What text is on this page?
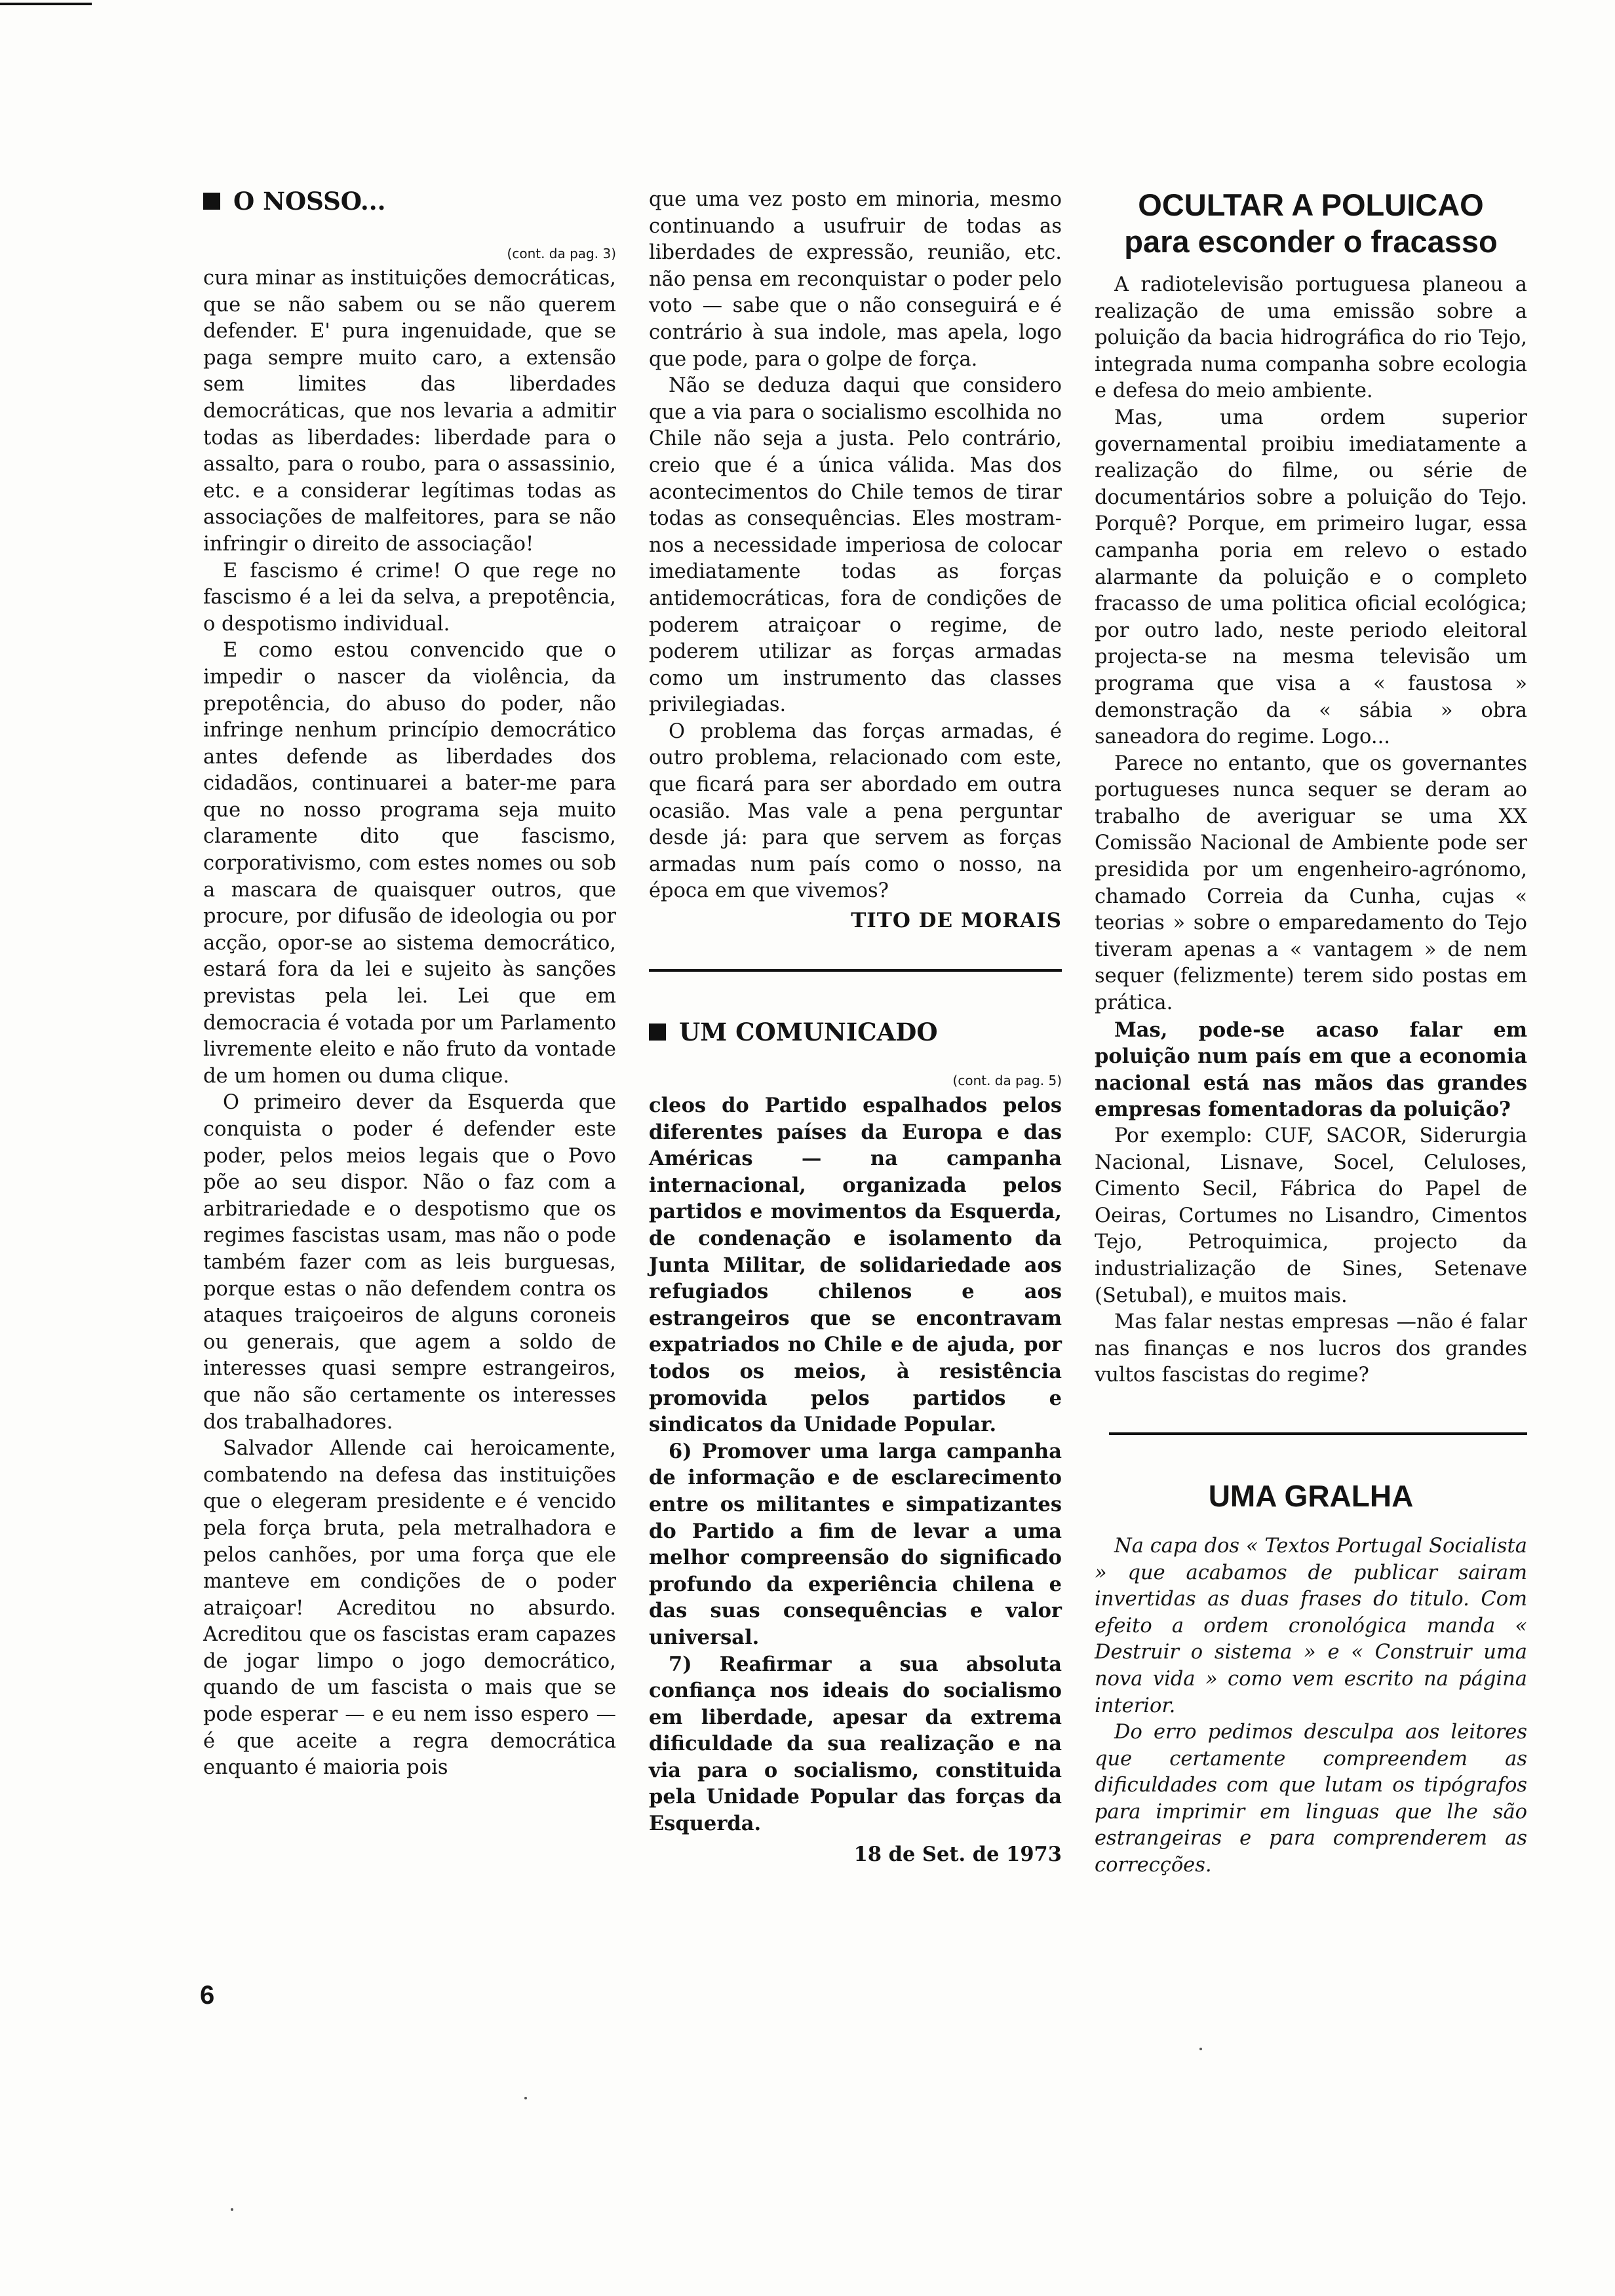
O NOSSO...
(cont. da pag. 3)

cura minar as instituições democráticas, que se não sabem ou se não querem defender. E' pura ingenuidade, que se paga sempre muito caro, a extensão sem limites das liberdades democráticas, que nos levaria a admitir todas as liberdades: liberdade para o assalto, para o roubo, para o assassinio, etc. e a considerar legítimas todas as associações de malfeitores, para se não infringir o direito de associação!

E fascismo é crime! O que rege no fascismo é a lei da selva, a prepotência, o despotismo individual.

E como estou convencido que o impedir o nascer da violência, da prepotência, do abuso do poder, não infringe nenhum princípio democrático antes defende as liberdades dos cidadãos, continuarei a bater-me para que no nosso programa seja muito claramente dito que fascismo, corporativismo, com estes nomes ou sob a mascara de quaisquer outros, que procure, por difusão de ideologia ou por acção, opor-se ao sistema democrático, estará fora da lei e sujeito às sanções previstas pela lei. Lei que em democracia é votada por um Parlamento livremente eleito e não fruto da vontade de um homen ou duma clique.

O primeiro dever da Esquerda que conquista o poder é defender este poder, pelos meios legais que o Povo põe ao seu dispor. Não o faz com a arbitrariedade e o despotismo que os regimes fascistas usam, mas não o pode também fazer com as leis burguesas, porque estas o não defendem contra os ataques traiçoeiros de alguns coroneis ou generais, que agem a soldo de interesses quasi sempre estrangeiros, que não são certamente os interesses dos trabalhadores.

Salvador Allende cai heroicamente, combatendo na defesa das instituições que o elegeram presidente e é vencido pela força bruta, pela metralhadora e pelos canhões, por uma força que ele manteve em condições de o poder atraiçoar! Acreditou no absurdo. Acreditou que os fascistas eram capazes de jogar limpo o jogo democrático, quando de um fascista o mais que se pode esperar — e eu nem isso espero — é que aceite a regra democrática enquanto é maioria pois

que uma vez posto em minoria, mesmo continuando a usufruir de todas as liberdades de expressão, reunião, etc. não pensa em reconquistar o poder pelo voto — sabe que o não conseguirá e é contrário à sua indole, mas apela, logo que pode, para o golpe de força.

Não se deduza daqui que considero que a via para o socialismo escolhida no Chile não seja a justa. Pelo contrário, creio que é a única válida. Mas dos acontecimentos do Chile temos de tirar todas as consequências. Eles mostram-nos a necessidade imperiosa de colocar imediatamente todas as forças antidemocráticas, fora de condições de poderem atraiçoar o regime, de poderem utilizar as forças armadas como um instrumento das classes privilegiadas.

O problema das forças armadas, é outro problema, relacionado com este, que ficará para ser abordado em outra ocasião. Mas vale a pena perguntar desde já: para que servem as forças armadas num país como o nosso, na época em que vivemos?

TITO DE MORAIS

UM COMUNICADO
(cont. da pag. 5)

cleos do Partido espalhados pelos diferentes países da Europa e das Américas — na campanha internacional, organizada pelos partidos e movimentos da Esquerda, de condenação e isolamento da Junta Militar, de solidariedade aos refugiados chilenos e aos estrangeiros que se encontravam expatriados no Chile e de ajuda, por todos os meios, à resistência promovida pelos partidos e sindicatos da Unidade Popular.

6) Promover uma larga campanha de informação e de esclarecimento entre os militantes e simpatizantes do Partido a fim de levar a uma melhor compreensão do significado profundo da experiência chilena e das suas consequências e valor universal.

7) Reafirmar a sua absoluta confiança nos ideais do socialismo em liberdade, apesar da extrema dificuldade da sua realização e na via para o socialismo, constituida pela Unidade Popular das forças da Esquerda.

18 de Set. de 1973

OCULTAR A POLUICAO
para esconder o fracasso

A radiotelevisão portuguesa planeou a realização de uma emissão sobre a poluição da bacia hidrográfica do rio Tejo, integrada numa companha sobre ecologia e defesa do meio ambiente.

Mas, uma ordem superior governamental proibiu imediatamente a realização do filme, ou série de documentários sobre a poluição do Tejo. Porquê? Porque, em primeiro lugar, essa campanha poria em relevo o estado alarmante da poluição e o completo fracasso de uma politica oficial ecológica; por outro lado, neste periodo eleitoral projecta-se na mesma televisão um programa que visa a « faustosa » demonstração da « sábia » obra saneadora do regime. Logo...

Parece no entanto, que os governantes portugueses nunca sequer se deram ao trabalho de averiguar se uma XX Comissão Nacional de Ambiente pode ser presidida por um engenheiro-agrónomo, chamado Correia da Cunha, cujas « teorias » sobre o emparedamento do Tejo tiveram apenas a « vantagem » de nem sequer (felizmente) terem sido postas em prática.

Mas, pode-se acaso falar em poluição num país em que a economia nacional está nas mãos das grandes empresas fomentadoras da poluição?

Por exemplo: CUF, SACOR, Siderurgia Nacional, Lisnave, Socel, Celuloses, Cimento Secil, Fábrica do Papel de Oeiras, Cortumes no Lisandro, Cimentos Tejo, Petroquimica, projecto da industrialização de Sines, Setenave (Setubal), e muitos mais.

Mas falar nestas empresas —não é falar nas finanças e nos lucros dos grandes vultos fascistas do regime?

UMA GRALHA

Na capa dos « Textos Portugal Socialista » que acabamos de publicar sairam invertidas as duas frases do titulo. Com efeito a ordem cronológica manda « Destruir o sistema » e « Construir uma nova vida » como vem escrito na página interior.

Do erro pedimos desculpa aos leitores que certamente compreendem as dificuldades com que lutam os tipógrafos para imprimir em linguas que lhe são estrangeiras e para comprenderem as correcções.

6
